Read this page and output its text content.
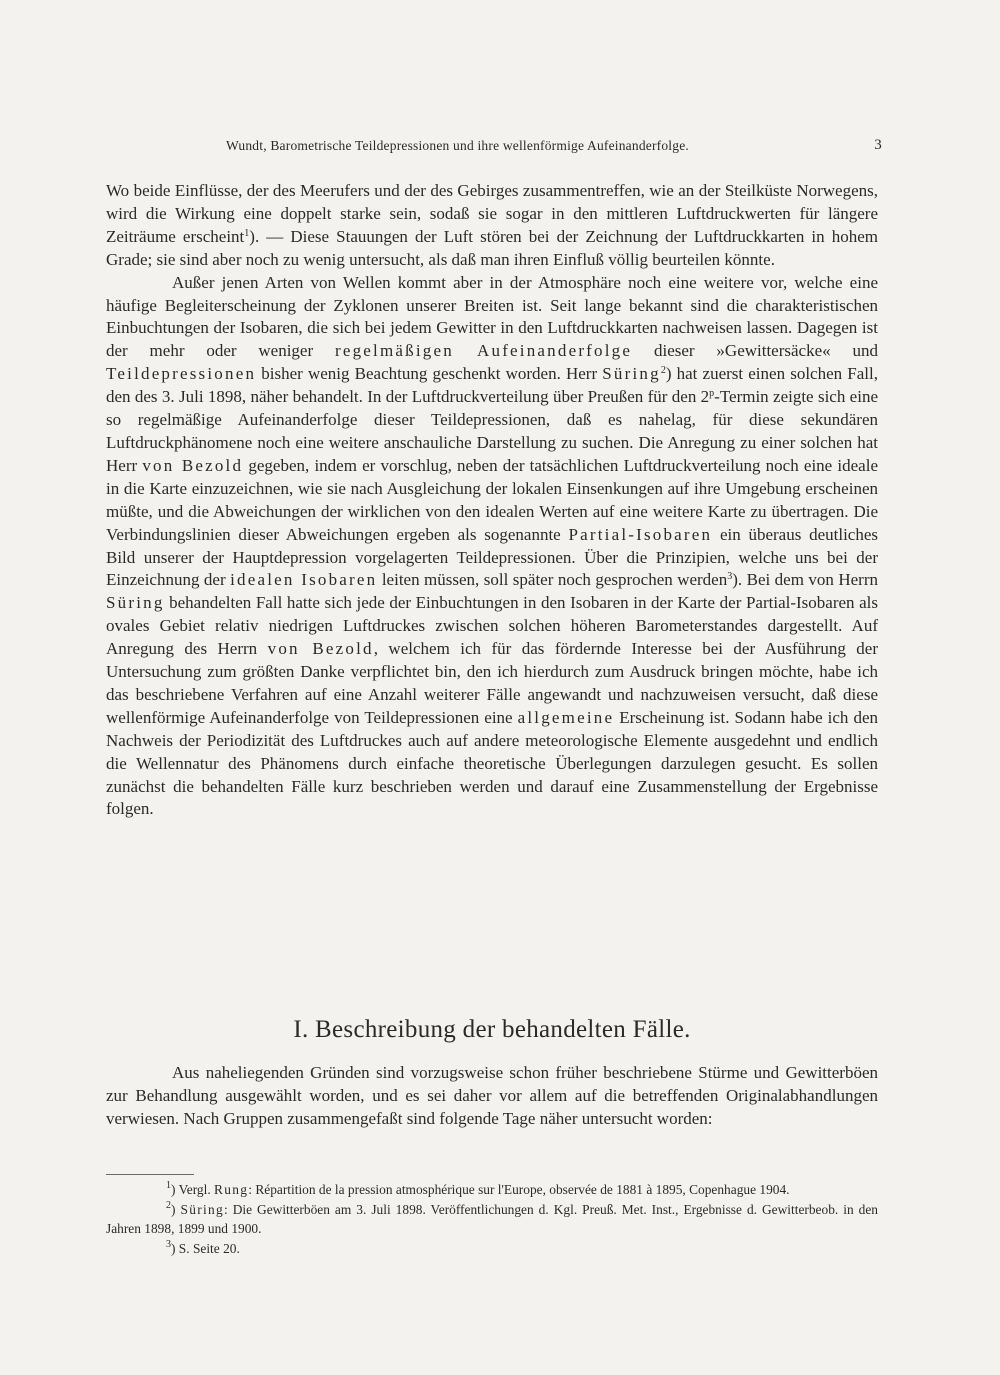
Wundt, Barometrische Teildepressionen und ihre wellenförmige Aufeinanderfolge.	3

Wo beide Einflüsse, der des Meerufers und der des Gebirges zusammentreffen, wie an der Steilküste Norwegens, wird die Wirkung eine doppelt starke sein, sodaß sie sogar in den mittleren Luftdruckwerten für längere Zeiträume erscheint$^1$). — Diese Stauungen der Luft stören bei der Zeichnung der Luftdruckkarten in hohem Grade; sie sind aber noch zu wenig untersucht, als daß man ihren Einfluß völlig beurteilen könnte.

Außer jenen Arten von Wellen kommt aber in der Atmosphäre noch eine weitere vor, welche eine häufige Begleiterscheinung der Zyklonen unserer Breiten ist. Seit lange bekannt sind die charakteristischen Einbuchtungen der Isobaren, die sich bei jedem Gewitter in den Luftdruckkarten nachweisen lassen. Dagegen ist der mehr oder weniger regelmäßigen Aufeinanderfolge dieser »Gewittersäcke« und Teildepressionen bisher wenig Beachtung geschenkt worden. Herr Süring$^2$) hat zuerst einen solchen Fall, den des 3. Juli 1898, näher behandelt. In der Luftdruckverteilung über Preußen für den 2$^p$-Termin zeigte sich eine so regelmäßige Aufeinanderfolge dieser Teildepressionen, daß es nahelag, für diese sekundären Luftdruckphänomene noch eine weitere anschauliche Darstellung zu suchen. Die Anregung zu einer solchen hat Herr von Bezold gegeben, indem er vorschlug, neben der tatsächlichen Luftdruckverteilung noch eine ideale in die Karte einzuzeichnen, wie sie nach Ausgleichung der lokalen Einsenkungen auf ihre Umgebung erscheinen müßte, und die Abweichungen der wirklichen von den idealen Werten auf eine weitere Karte zu übertragen. Die Verbindungslinien dieser Abweichungen ergeben als sogenannte Partial-Isobaren ein überaus deutliches Bild unserer der Hauptdepression vorgelagerten Teildepressionen. Über die Prinzipien, welche uns bei der Einzeichnung der idealen Isobaren leiten müssen, soll später noch gesprochen werden$^3$). Bei dem von Herrn Süring behandelten Fall hatte sich jede der Einbuchtungen in den Isobaren in der Karte der Partial-Isobaren als ovales Gebiet relativ niedrigen Luftdruckes zwischen solchen höheren Barometerstandes dargestellt. Auf Anregung des Herrn von Bezold, welchem ich für das fördernde Interesse bei der Ausführung der Untersuchung zum größten Danke verpflichtet bin, den ich hierdurch zum Ausdruck bringen möchte, habe ich das beschriebene Verfahren auf eine Anzahl weiterer Fälle angewandt und nachzuweisen versucht, daß diese wellenförmige Aufeinanderfolge von Teildepressionen eine allgemeine Erscheinung ist. Sodann habe ich den Nachweis der Periodizität des Luftdruckes auch auf andere meteorologische Elemente ausgedehnt und endlich die Wellennatur des Phänomens durch einfache theoretische Überlegungen darzulegen gesucht. Es sollen zunächst die behandelten Fälle kurz beschrieben werden und darauf eine Zusammenstellung der Ergebnisse folgen.

I. Beschreibung der behandelten Fälle.

Aus naheliegenden Gründen sind vorzugsweise schon früher beschriebene Stürme und Gewitterböen zur Behandlung ausgewählt worden, und es sei daher vor allem auf die betreffenden Originalabhandlungen verwiesen. Nach Gruppen zusammengefaßt sind folgende Tage näher untersucht worden:

$^1$) Vergl. Rung: Répartition de la pression atmosphérique sur l'Europe, observée de 1881 à 1895, Copenhague 1904.

$^2$) Süring: Die Gewitterböen am 3. Juli 1898. Veröffentlichungen d. Kgl. Preuß. Met. Inst., Ergebnisse d. Gewitterbeob. in den Jahren 1898, 1899 und 1900.

$^3$) S. Seite 20.
